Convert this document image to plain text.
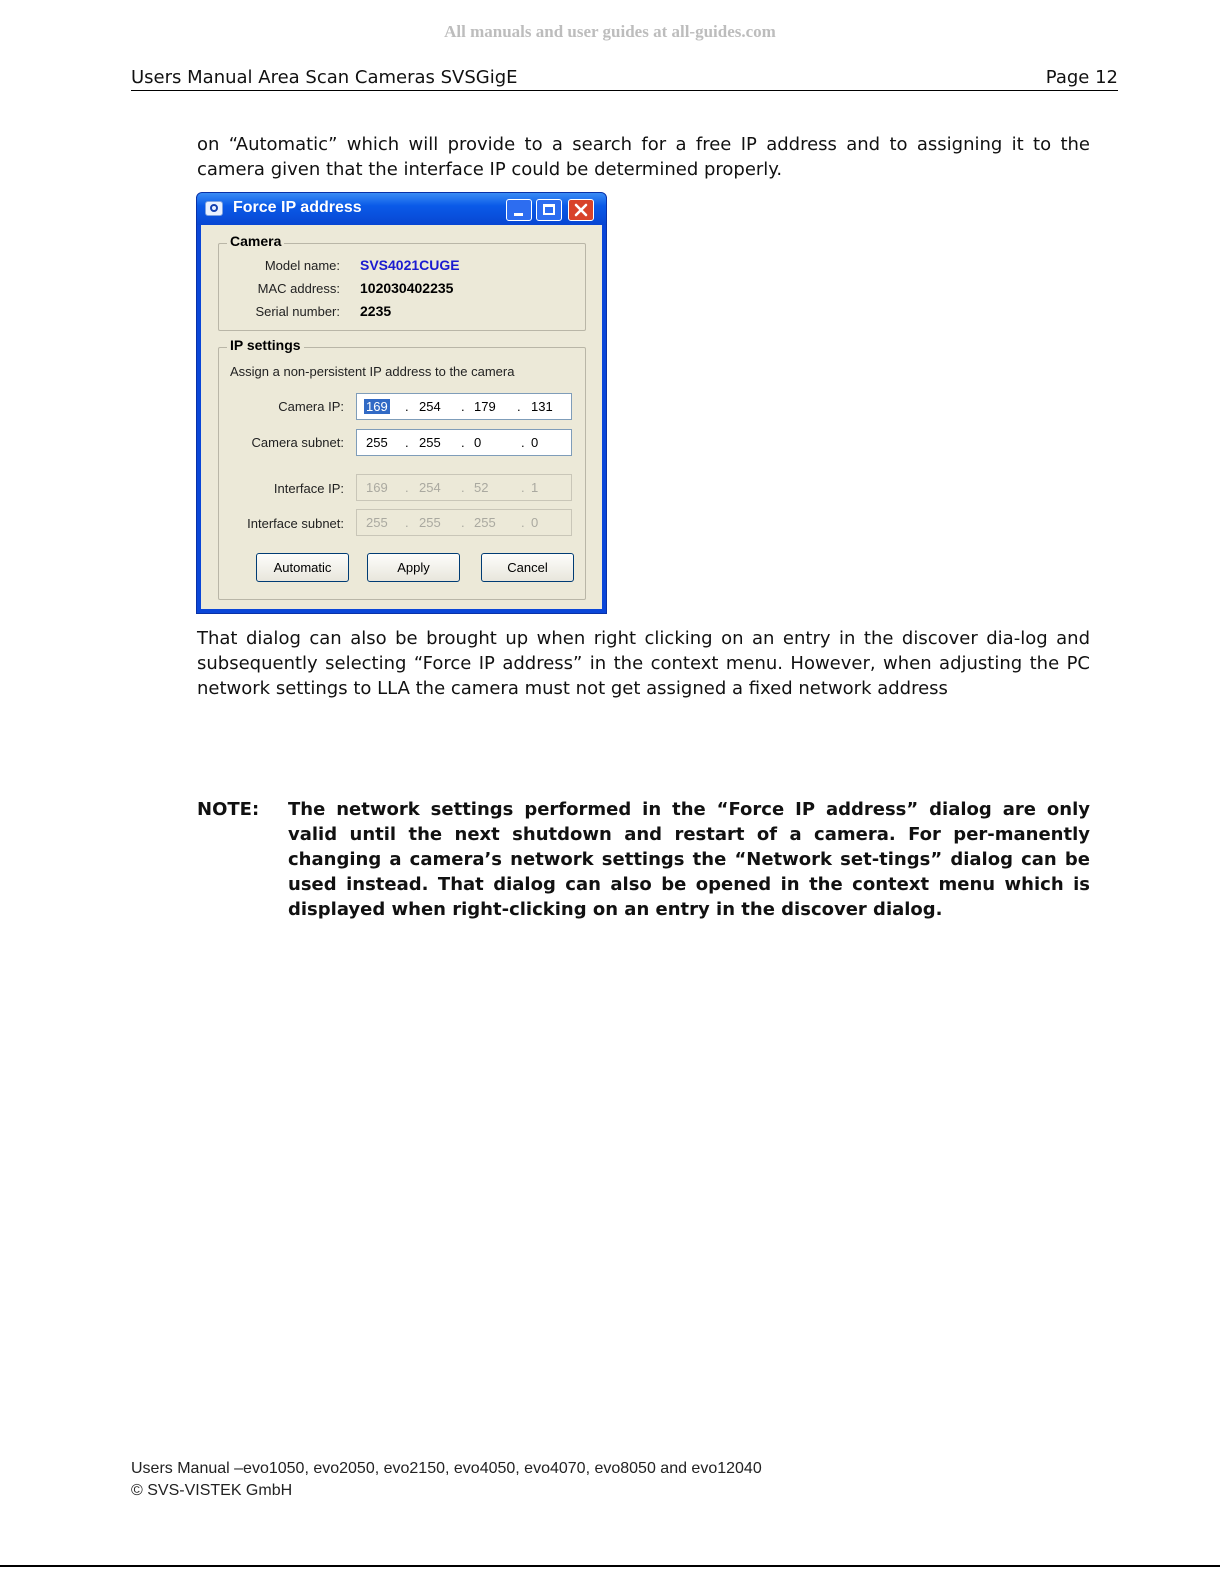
All manuals and user guides at all-guides.com
Users Manual Area Scan Cameras SVSGigE	Page 12
on “Automatic” which will provide to a search for a free IP address and to assigning it to the camera given that the interface IP could be determined properly.
Force IP address
Camera
Model name: SVS4021CUGE
MAC address: 102030402235
Serial number: 2235
IP settings
Assign a non-persistent IP address to the camera
Camera IP: 169 . 254 . 179 . 131
Camera subnet: 255 . 255 . 0	. 0
Interface IP: 169 . 254 . 52	. 1
Interface subnet: 255 . 255 . 255 . 0
Automatic	Apply	Cancel
That dialog can also be brought up when right clicking on an entry in the discover dia-log and subsequently selecting “Force IP address” in the context menu. However, when adjusting the PC network settings to LLA the camera must not get assigned a fixed network address
NOTE: The network settings performed in the “Force IP address” dialog are only valid until the next shutdown and restart of a camera. For per-manently changing a camera’s network settings the “Network set-tings” dialog can be used instead. That dialog can also be opened in the context menu which is displayed when right-clicking on an entry in the discover dialog.
Users Manual –evo1050, evo2050, evo2150, evo4050, evo4070, evo8050 and evo12040
© SVS-VISTEK GmbH
